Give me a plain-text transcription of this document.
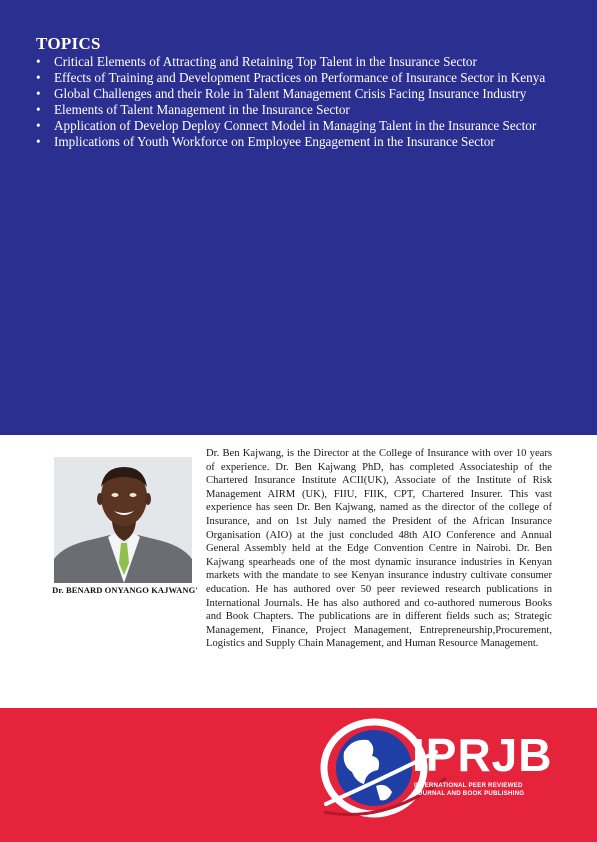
TOPICS
• Critical Elements of Attracting and Retaining Top Talent in the Insurance Sector
• Effects of Training and Development Practices on Performance of Insurance Sector in Kenya
• Global Challenges and their Role in Talent Management Crisis Facing Insurance Industry
• Elements of Talent Management in the Insurance Sector
• Application of Develop Deploy Connect Model in Managing Talent in the Insurance Sector
• Implications of Youth Workforce on Employee Engagement in the Insurance Sector
Dr. BENARD ONYANGO KAJWANG'

Dr. Ben Kajwang, is the Director at the College of Insurance with over 10 years of experience. Dr. Ben Kajwang PhD, has completed Associateship of the Chartered Insurance Institute ACII(UK), Associate of the Institute of Risk Management AIRM (UK), FIIU, FIIK, CPT, Chartered Insurer. This vast experience has seen Dr. Ben Kajwang, named as the director of the college of Insurance, and on 1st July named the President of the African Insurance Organisation (AIO) at the just concluded 48th AIO Conference and Annual General Assembly held at the Edge Convention Centre in Nairobi. Dr. Ben Kajwang spearheads one of the most dynamic insurance industries in Kenyan markets with the mandate to see Kenyan insurance industry cultivate consumer education. He has authored over 50 peer reviewed research publications in International Journals. He has also authored and co-authored numerous Books and Book Chapters. The publications are in different fields such as; Strategic Management, Finance, Project Management, Entrepreneurship,Procurement, Logistics and Supply Chain Management, and Human Resource Management.

IPRJB
INTERNATIONAL PEER REVIEWED JOURNAL AND BOOK PUBLISHING
